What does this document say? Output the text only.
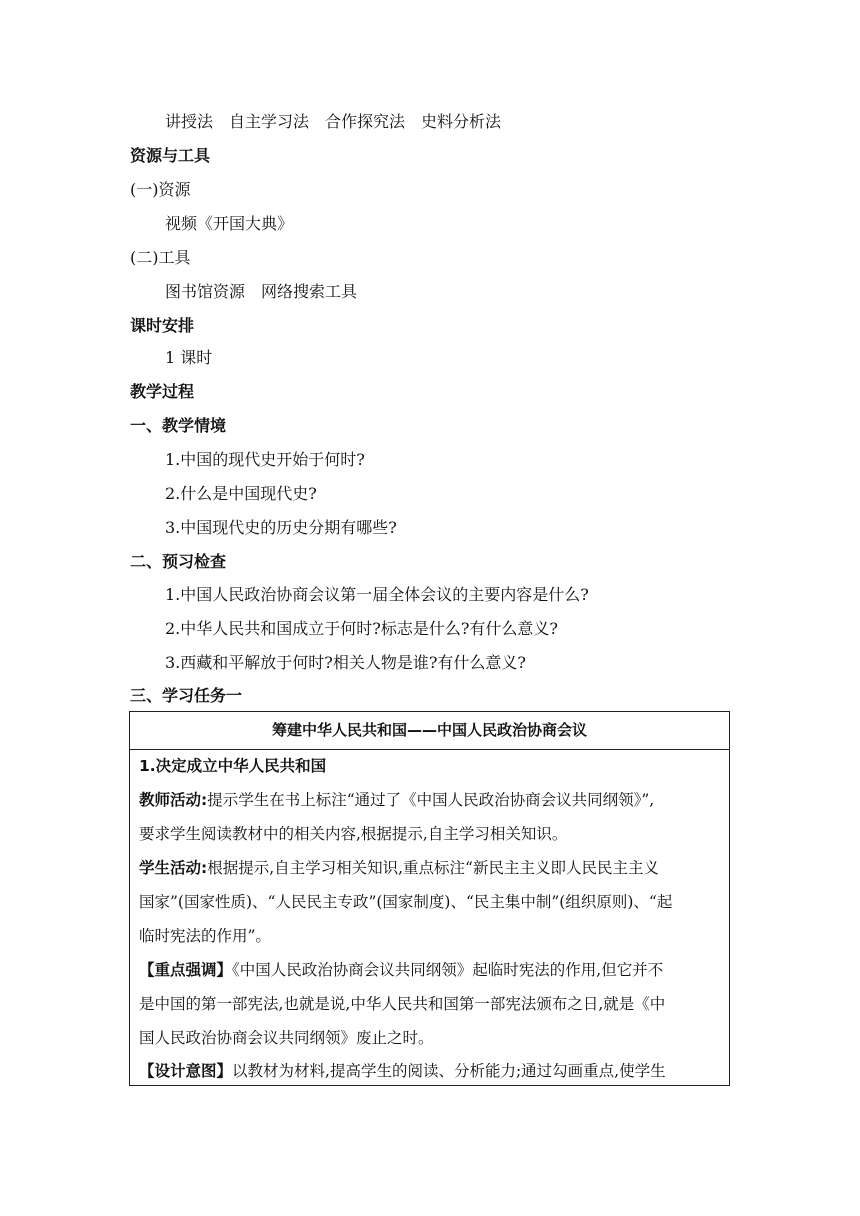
讲授法 自主学习法 合作探究法 史料分析法
资源与工具
(一)资源
视频《开国大典》
(二)工具
图书馆资源 网络搜索工具
课时安排
1 课时
教学过程
一、教学情境
1.中国的现代史开始于何时?
2.什么是中国现代史?
3.中国现代史的历史分期有哪些?
二、预习检查
1.中国人民政治协商会议第一届全体会议的主要内容是什么?
2.中华人民共和国成立于何时?标志是什么?有什么意义?
3.西藏和平解放于何时?相关人物是谁?有什么意义?
三、学习任务一
筹建中华人民共和国——中国人民政治协商会议
1.决定成立中华人民共和国
教师活动:提示学生在书上标注“通过了《中国人民政治协商会议共同纲领》”,
要求学生阅读教材中的相关内容,根据提示,自主学习相关知识。
学生活动:根据提示,自主学习相关知识,重点标注“新民主主义即人民民主主义
国家”(国家性质)、“人民民主专政”(国家制度)、“民主集中制”(组织原则)、“起
临时宪法的作用”。
【重点强调】《中国人民政治协商会议共同纲领》起临时宪法的作用,但它并不
是中国的第一部宪法,也就是说,中华人民共和国第一部宪法颁布之日,就是《中
国人民政治协商会议共同纲领》废止之时。
【设计意图】以教材为材料,提高学生的阅读、分析能力;通过勾画重点,使学生
